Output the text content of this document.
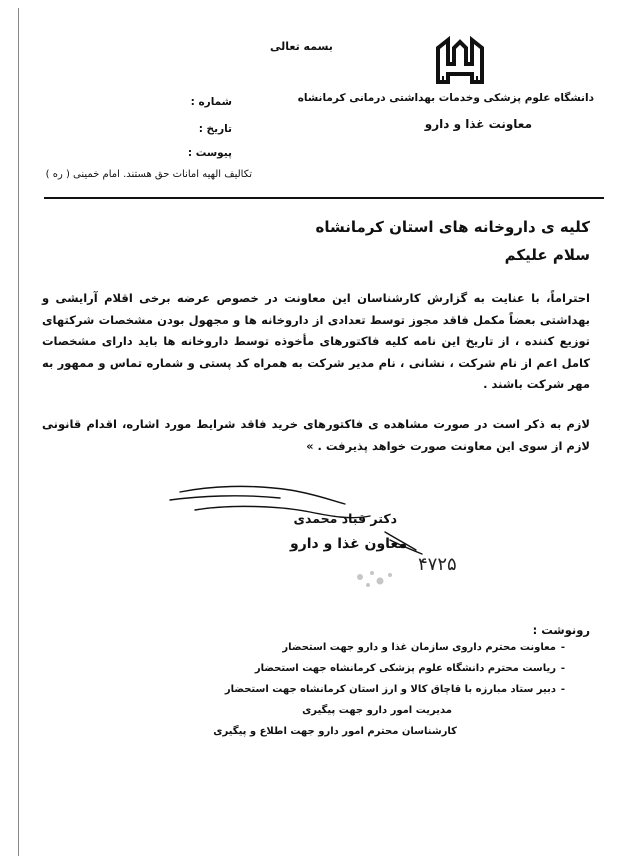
بسمه تعالی
دانشگاه علوم پزشکی وخدمات بهداشتی درمانی کرمانشاه
معاونت غذا و دارو
شماره :
تاریخ :
پیوست :
تکالیف الهیه امانات حق هستند. امام خمینی ( ره )
کلیه ی داروخانه های استان کرمانشاه
سلام علیکم
احتراماً، با عنایت به گزارش کارشناسان این معاونت در خصوص عرضه برخی اقلام آرایشی و بهداشتی بعضاً مکمل فاقد مجوز توسط تعدادی از داروخانه ها و مجهول بودن مشخصات شرکتهای توزیع کننده ، از تاریخ این نامه کلیه فاکتورهای مأخوذه توسط داروخانه ها باید دارای مشخصات کامل اعم از نام شرکت ، نشانی ، نام مدیر شرکت به همراه کد پستی و شماره تماس و ممهور به مهر شرکت باشند .
لازم به ذکر است در صورت مشاهده ی فاکتورهای خرید فاقد شرایط مورد اشاره، اقدام قانونی لازم از سوی این معاونت صورت خواهد پذیرفت . »
دکتر قباد محمدی
معاون غذا و دارو
۴۷۲۵
رونوشت :
-
معاونت محترم داروی سازمان غذا و دارو جهت استحضار
-
ریاست محترم دانشگاه علوم پزشکی کرمانشاه جهت استحضار
-
دبیر ستاد مبارزه با قاچاق کالا و ارز استان کرمانشاه جهت استحضار
مدیریت امور دارو جهت پیگیری
کارشناسان محترم امور دارو جهت اطلاع و پیگیری
